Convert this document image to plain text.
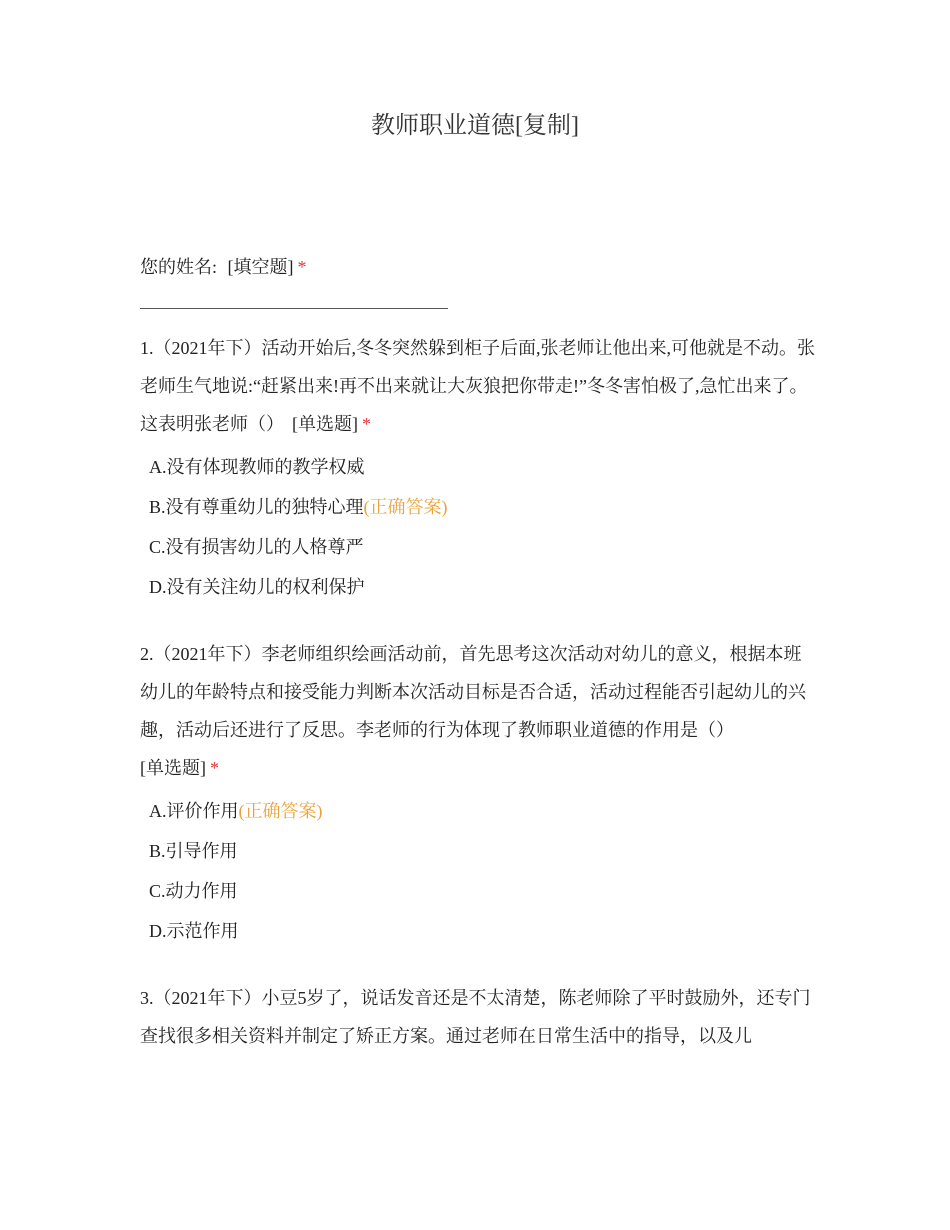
教师职业道德[复制]
您的姓名: [填空题] *
1.（2021年下）活动开始后,冬冬突然躲到柜子后面,张老师让他出来,可他就是不动。张老师生气地说:“赶紧出来!再不出来就让大灰狼把你带走!”冬冬害怕极了,急忙出来了。这表明张老师（） [单选题] *
A.没有体现教师的教学权威
B.没有尊重幼儿的独特心理(正确答案)
C.没有损害幼儿的人格尊严
D.没有关注幼儿的权利保护
2.（2021年下）李老师组织绘画活动前，首先思考这次活动对幼儿的意义，根据本班幼儿的年龄特点和接受能力判断本次活动目标是否合适，活动过程能否引起幼儿的兴趣，活动后还进行了反思。李老师的行为体现了教师职业道德的作用是（）
[单选题] *
A.评价作用(正确答案)
B.引导作用
C.动力作用
D.示范作用
3.（2021年下）小豆5岁了，说话发音还是不太清楚，陈老师除了平时鼓励外，还专门查找很多相关资料并制定了矫正方案。通过老师在日常生活中的指导，以及儿
